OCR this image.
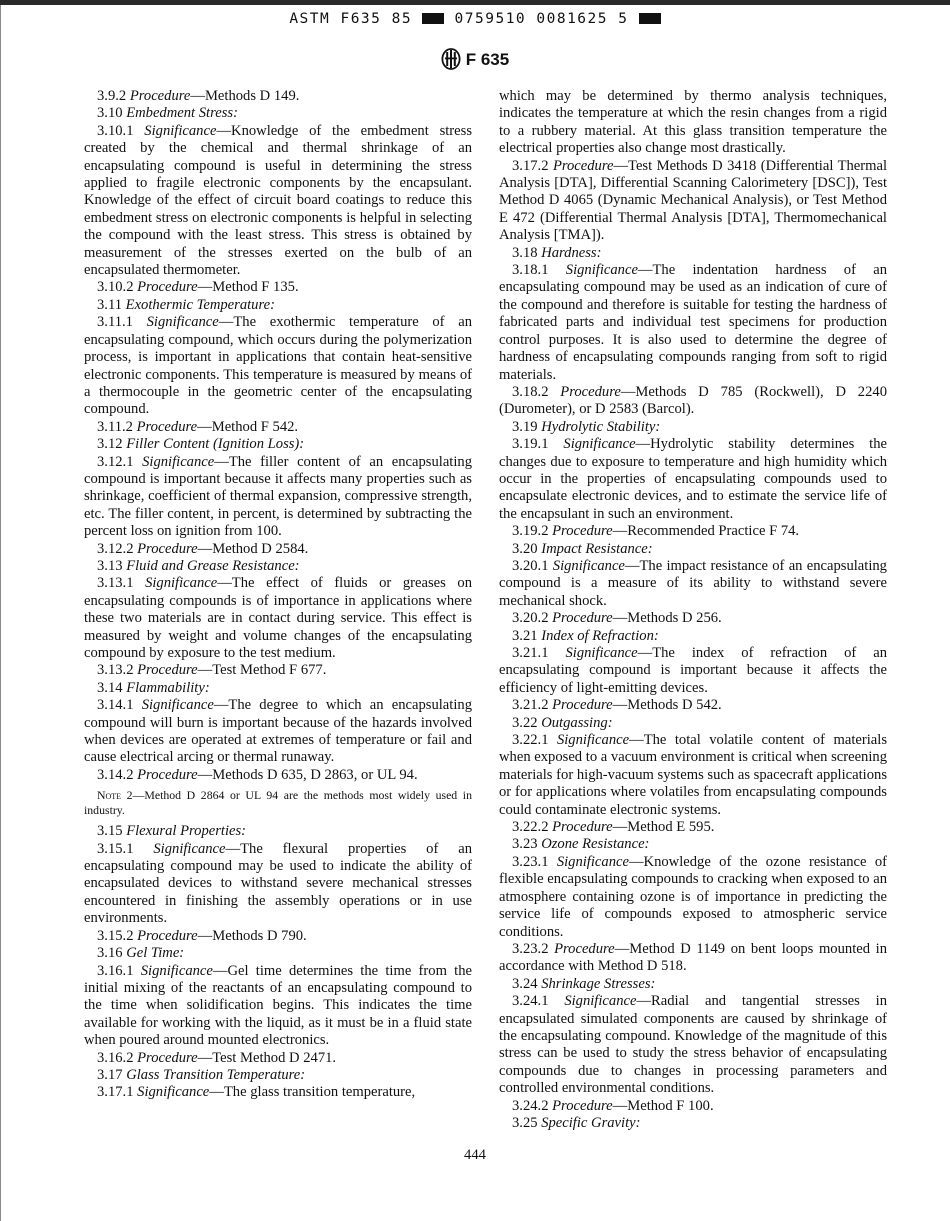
ASTM F635 85	0759510 0081625 5
F 635

3.9.2 Procedure—Methods D 149.

3.10 Embedment Stress:

3.10.1 Significance—Knowledge of the embedment stress created by the chemical and thermal shrinkage of an encapsulating compound is useful in determining the stress applied to fragile electronic components by the encapsulant. Knowledge of the effect of circuit board coatings to reduce this embedment stress on electronic components is helpful in selecting the compound with the least stress. This stress is obtained by measurement of the stresses exerted on the bulb of an encapsulated thermometer.

3.10.2 Procedure—Method F 135.

3.11 Exothermic Temperature:

3.11.1 Significance—The exothermic temperature of an encapsulating compound, which occurs during the polymerization process, is important in applications that contain heat-sensitive electronic components. This temperature is measured by means of a thermocouple in the geometric center of the encapsulating compound.

3.11.2 Procedure—Method F 542.

3.12 Filler Content (Ignition Loss):

3.12.1 Significance—The filler content of an encapsulating compound is important because it affects many properties such as shrinkage, coefficient of thermal expansion, compressive strength, etc. The filler content, in percent, is determined by subtracting the percent loss on ignition from 100.

3.12.2 Procedure—Method D 2584.

3.13 Fluid and Grease Resistance:

3.13.1 Significance—The effect of fluids or greases on encapsulating compounds is of importance in applications where these two materials are in contact during service. This effect is measured by weight and volume changes of the encapsulating compound by exposure to the test medium.

3.13.2 Procedure—Test Method F 677.

3.14 Flammability:

3.14.1 Significance—The degree to which an encapsulating compound will burn is important because of the hazards involved when devices are operated at extremes of temperature or fail and cause electrical arcing or thermal runaway.

3.14.2 Procedure—Methods D 635, D 2863, or UL 94.

Note 2—Method D 2864 or UL 94 are the methods most widely used in industry.

3.15 Flexural Properties:

3.15.1 Significance—The flexural properties of an encapsulating compound may be used to indicate the ability of encapsulated devices to withstand severe mechanical stresses encountered in finishing the assembly operations or in use environments.

3.15.2 Procedure—Methods D 790.

3.16 Gel Time:

3.16.1 Significance—Gel time determines the time from the initial mixing of the reactants of an encapsulating compound to the time when solidification begins. This indicates the time available for working with the liquid, as it must be in a fluid state when poured around mounted electronics.

3.16.2 Procedure—Test Method D 2471.

3.17 Glass Transition Temperature:

3.17.1 Significance—The glass transition temperature,

which may be determined by thermo analysis techniques, indicates the temperature at which the resin changes from a rigid to a rubbery material. At this glass transition temperature the electrical properties also change most drastically.

3.17.2 Procedure—Test Methods D 3418 (Differential Thermal Analysis [DTA], Differential Scanning Calorimetery [DSC]), Test Method D 4065 (Dynamic Mechanical Analysis), or Test Method E 472 (Differential Thermal Analysis [DTA], Thermomechanical Analysis [TMA]).

3.18 Hardness:

3.18.1 Significance—The indentation hardness of an encapsulating compound may be used as an indication of cure of the compound and therefore is suitable for testing the hardness of fabricated parts and individual test specimens for production control purposes. It is also used to determine the degree of hardness of encapsulating compounds ranging from soft to rigid materials.

3.18.2 Procedure—Methods D 785 (Rockwell), D 2240 (Durometer), or D 2583 (Barcol).

3.19 Hydrolytic Stability:

3.19.1 Significance—Hydrolytic stability determines the changes due to exposure to temperature and high humidity which occur in the properties of encapsulating compounds used to encapsulate electronic devices, and to estimate the service life of the encapsulant in such an environment.

3.19.2 Procedure—Recommended Practice F 74.

3.20 Impact Resistance:

3.20.1 Significance—The impact resistance of an encapsulating compound is a measure of its ability to withstand severe mechanical shock.

3.20.2 Procedure—Methods D 256.

3.21 Index of Refraction:

3.21.1 Significance—The index of refraction of an encapsulating compound is important because it affects the efficiency of light-emitting devices.

3.21.2 Procedure—Methods D 542.

3.22 Outgassing:

3.22.1 Significance—The total volatile content of materials when exposed to a vacuum environment is critical when screening materials for high-vacuum systems such as spacecraft applications or for applications where volatiles from encapsulating compounds could contaminate electronic systems.

3.22.2 Procedure—Method E 595.

3.23 Ozone Resistance:

3.23.1 Significance—Knowledge of the ozone resistance of flexible encapsulating compounds to cracking when exposed to an atmosphere containing ozone is of importance in predicting the service life of compounds exposed to atmospheric service conditions.

3.23.2 Procedure—Method D 1149 on bent loops mounted in accordance with Method D 518.

3.24 Shrinkage Stresses:

3.24.1 Significance—Radial and tangential stresses in encapsulated simulated components are caused by shrinkage of the encapsulating compound. Knowledge of the magnitude of this stress can be used to study the stress behavior of encapsulating compounds due to changes in processing parameters and controlled environmental conditions.

3.24.2 Procedure—Method F 100.

3.25 Specific Gravity:

444
